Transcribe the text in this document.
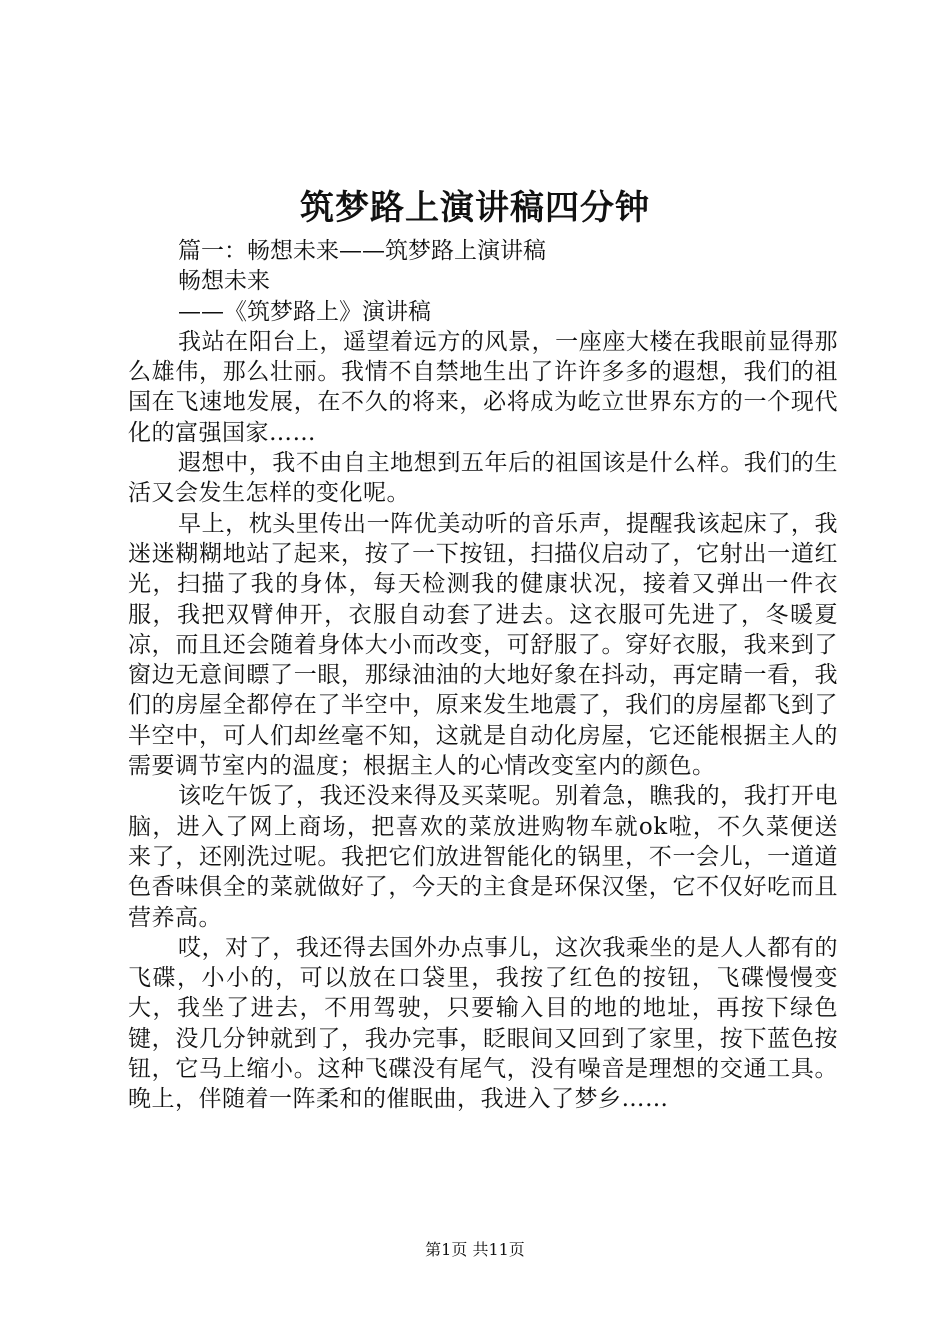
筑梦路上演讲稿四分钟

篇一：畅想未来——筑梦路上演讲稿

畅想未来

——《筑梦路上》演讲稿

我站在阳台上，遥望着远方的风景，一座座大楼在我眼前显得那么雄伟，那么壮丽。我情不自禁地生出了许许多多的遐想，我们的祖国在飞速地发展，在不久的将来，必将成为屹立世界东方的一个现代化的富强国家……

遐想中，我不由自主地想到五年后的祖国该是什么样。我们的生活又会发生怎样的变化呢。

早上，枕头里传出一阵优美动听的音乐声，提醒我该起床了，我迷迷糊糊地站了起来，按了一下按钮，扫描仪启动了，它射出一道红光，扫描了我的身体，每天检测我的健康状况，接着又弹出一件衣服，我把双臂伸开，衣服自动套了进去。这衣服可先进了，冬暖夏凉，而且还会随着身体大小而改变，可舒服了。穿好衣服，我来到了窗边无意间瞟了一眼，那绿油油的大地好象在抖动，再定睛一看，我们的房屋全都停在了半空中，原来发生地震了，我们的房屋都飞到了半空中，可人们却丝毫不知，这就是自动化房屋，它还能根据主人的需要调节室内的温度；根据主人的心情改变室内的颜色。

该吃午饭了，我还没来得及买菜呢。别着急，瞧我的，我打开电脑，进入了网上商场，把喜欢的菜放进购物车就ok啦，不久菜便送来了，还刚洗过呢。我把它们放进智能化的锅里，不一会儿，一道道色香味俱全的菜就做好了，今天的主食是环保汉堡，它不仅好吃而且营养高。

哎，对了，我还得去国外办点事儿，这次我乘坐的是人人都有的飞碟，小小的，可以放在口袋里，我按了红色的按钮，飞碟慢慢变大，我坐了进去，不用驾驶，只要输入目的地的地址，再按下绿色键，没几分钟就到了，我办完事，眨眼间又回到了家里，按下蓝色按钮，它马上缩小。这种飞碟没有尾气，没有噪音是理想的交通工具。晚上，伴随着一阵柔和的催眠曲，我进入了梦乡……

第1页 共11页
